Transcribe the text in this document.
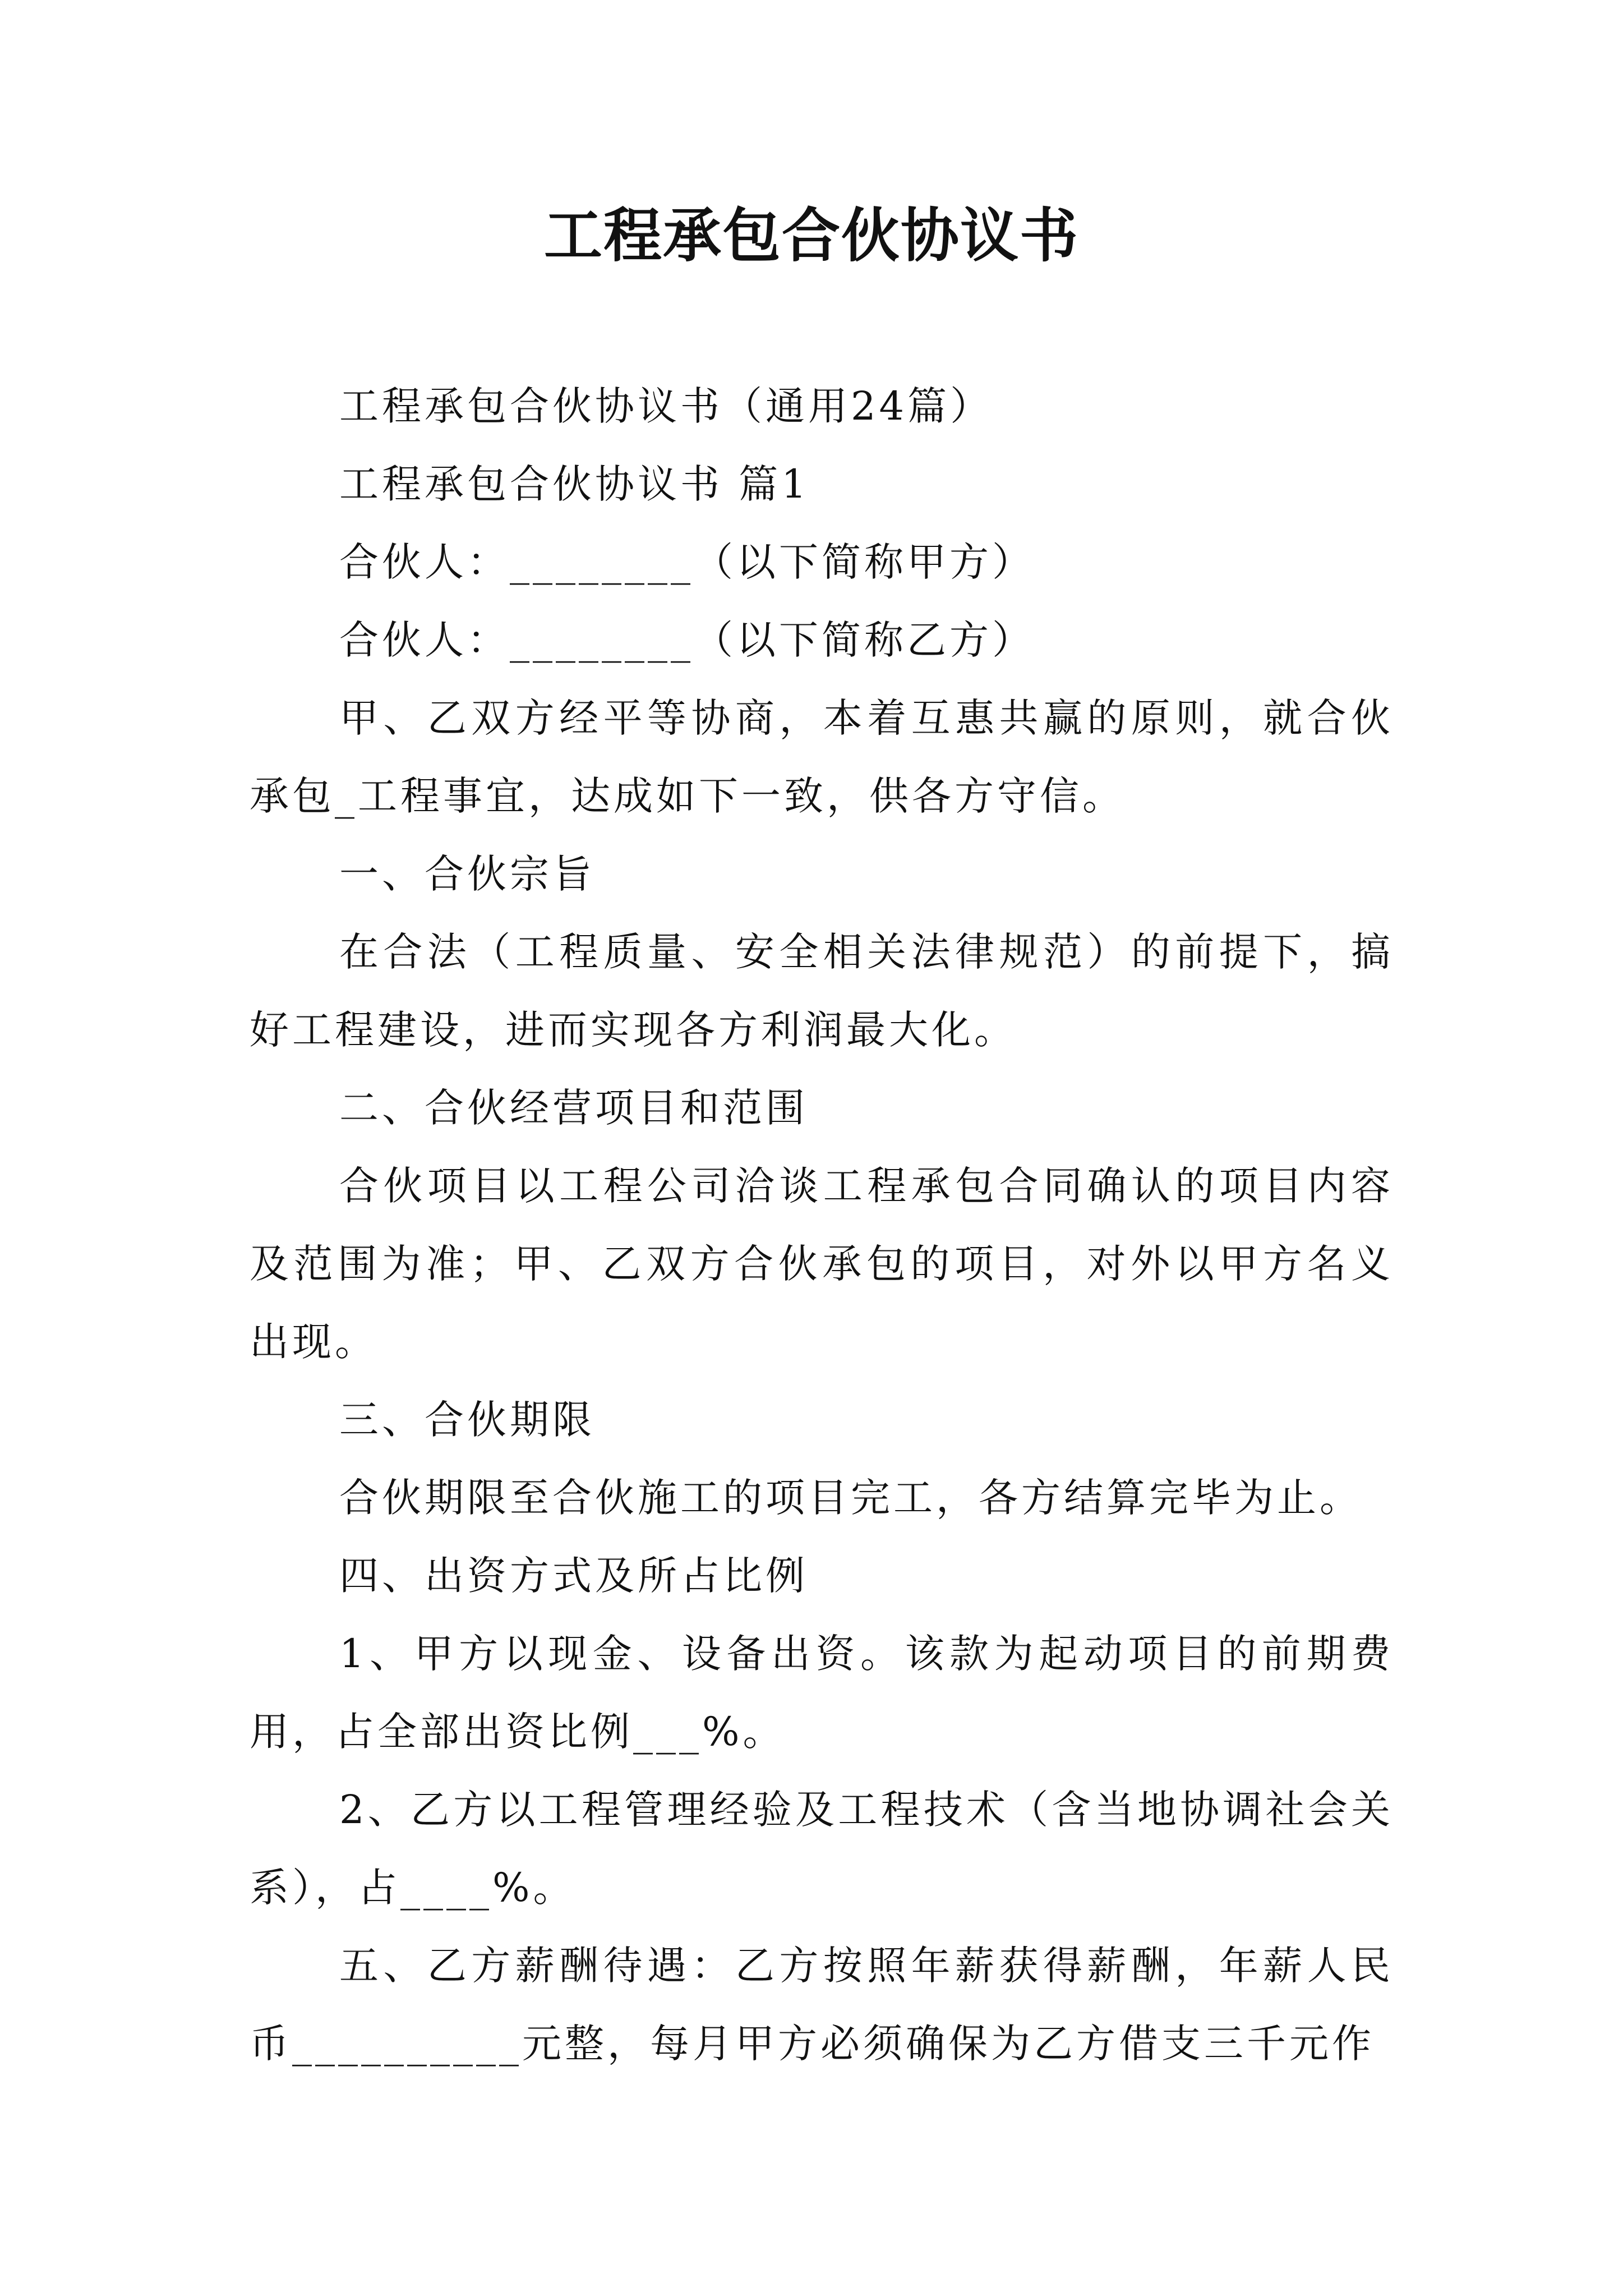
工程承包合伙协议书

工程承包合伙协议书（通用24篇）

工程承包合伙协议书 篇1

合伙人：________（以下简称甲方）

合伙人：________（以下简称乙方）

甲、乙双方经平等协商，本着互惠共赢的原则，就合伙承包_工程事宜，达成如下一致，供各方守信。

一、合伙宗旨

在合法（工程质量、安全相关法律规范）的前提下，搞好工程建设，进而实现各方利润最大化。

二、合伙经营项目和范围

合伙项目以工程公司洽谈工程承包合同确认的项目内容及范围为准；甲、乙双方合伙承包的项目，对外以甲方名义出现。

三、合伙期限

合伙期限至合伙施工的项目完工，各方结算完毕为止。

四、出资方式及所占比例

1、甲方以现金、设备出资。该款为起动项目的前期费用，占全部出资比例___%。

2、乙方以工程管理经验及工程技术（含当地协调社会关系），占____%。

五、乙方薪酬待遇：乙方按照年薪获得薪酬，年薪人民币__________元整，每月甲方必须确保为乙方借支三千元作
